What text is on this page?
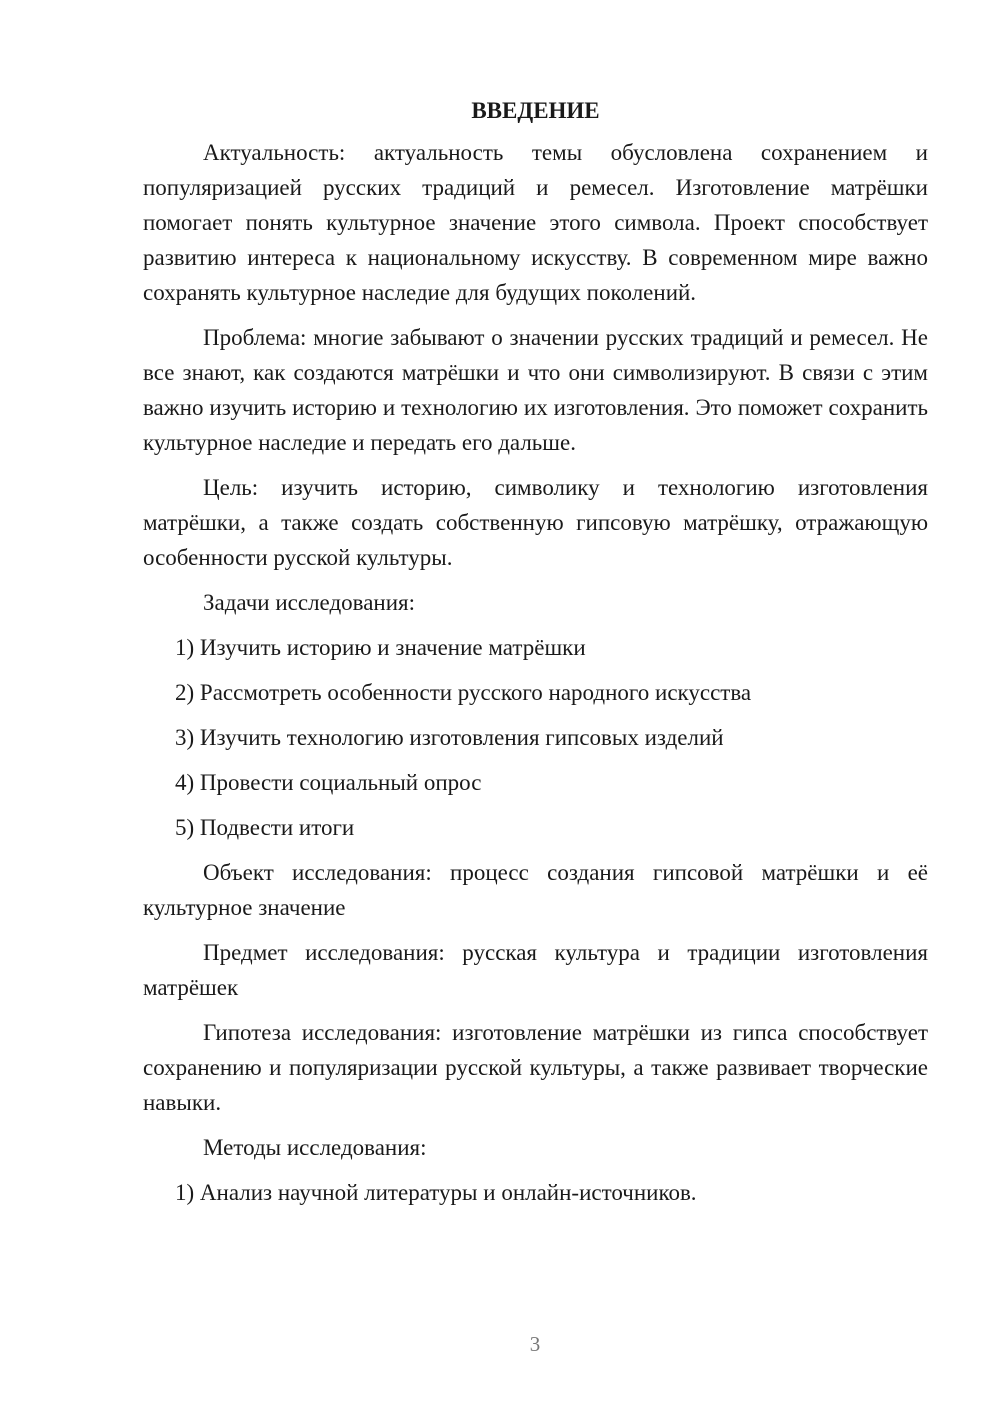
ВВЕДЕНИЕ

Актуальность: актуальность темы обусловлена сохранением и популяризацией русских традиций и ремесел. Изготовление матрёшки помогает понять культурное значение этого символа. Проект способствует развитию интереса к национальному искусству. В современном мире важно сохранять культурное наследие для будущих поколений.

Проблема: многие забывают о значении русских традиций и ремесел. Не все знают, как создаются матрёшки и что они символизируют. В связи с этим важно изучить историю и технологию их изготовления. Это поможет сохранить культурное наследие и передать его дальше.

Цель: изучить историю, символику и технологию изготовления матрёшки, а также создать собственную гипсовую матрёшку, отражающую особенности русской культуры.

Задачи исследования:

1) Изучить историю и значение матрёшки

2) Рассмотреть особенности русского народного искусства

3) Изучить технологию изготовления гипсовых изделий

4) Провести социальный опрос

5) Подвести итоги

Объект исследования: процесс создания гипсовой матрёшки и её культурное значение

Предмет исследования: русская культура и традиции изготовления матрёшек

Гипотеза исследования: изготовление матрёшки из гипса способствует сохранению и популяризации русской культуры, а также развивает творческие навыки.

Методы исследования:

1) Анализ научной литературы и онлайн-источников.

3
